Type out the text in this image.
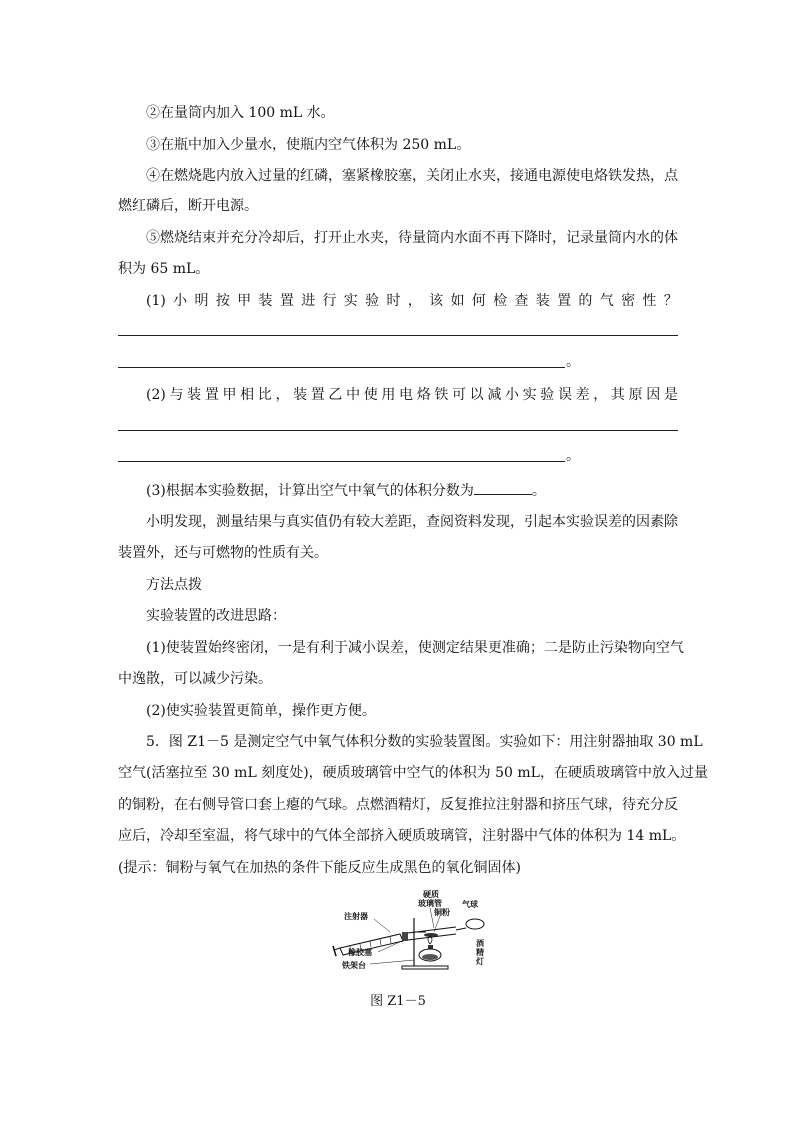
②在量筒内加入 100 mL 水。
③在瓶中加入少量水，使瓶内空气体积为 250 mL。
④在燃烧匙内放入过量的红磷，塞紧橡胶塞，关闭止水夹，接通电源使电烙铁发热，点
燃红磷后，断开电源。
⑤燃烧结束并充分冷却后，打开止水夹，待量筒内水面不再下降时，记录量筒内水的体
积为 65 mL。
(1) 小 明 按 甲 装 置 进 行 实 验 时 ， 该 如 何 检 查 装 置 的 气 密 性 ？
。
(2) 与 装 置 甲 相 比 ， 装 置 乙 中 使 用 电 烙 铁 可 以 减 小 实 验 误 差 ， 其 原 因 是
。
(3)根据本实验数据，计算出空气中氧气的体积分数为	。
小明发现，测量结果与真实值仍有较大差距，查阅资料发现，引起本实验误差的因素除
装置外，还与可燃物的性质有关。
方法点拨
实验装置的改进思路：
(1)使装置始终密闭，一是有利于减小误差，使测定结果更准确；二是防止污染物向空气
中逸散，可以减少污染。
(2)使实验装置更简单，操作更方便。
5．图 Z1－5 是测定空气中氧气体积分数的实验装置图。实验如下：用注射器抽取 30 mL
空气(活塞拉至 30 mL 刻度处)，硬质玻璃管中空气的体积为 50 mL，在硬质玻璃管中放入过量
的铜粉，在右侧导管口套上瘪的气球。点燃酒精灯，反复推拉注射器和挤压气球，待充分反
应后，冷却至室温，将气球中的气体全部挤入硬质玻璃管，注射器中气体的体积为 14 mL。
(提示：铜粉与氧气在加热的条件下能反应生成黑色的氧化铜固体)
硬质
玻璃管
注射器	铜粉
气球
酒
精
灯
橡胶塞
铁架台
图 Z1－5
